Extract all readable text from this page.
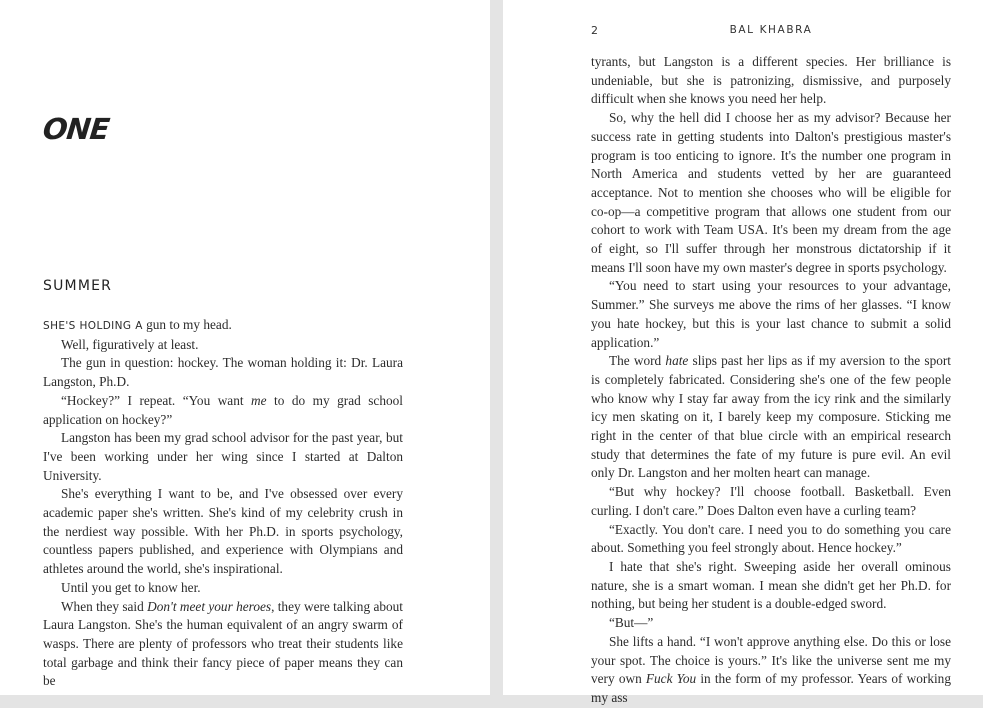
ONE
SUMMER

SHE'S HOLDING A gun to my head.

Well, figuratively at least.

The gun in question: hockey. The woman holding it: Dr. Laura Langston, Ph.D.

“Hockey?” I repeat. “You want me to do my grad school application on hockey?”

Langston has been my grad school advisor for the past year, but I've been working under her wing since I started at Dalton University.

She's everything I want to be, and I've obsessed over every academic paper she's written. She's kind of my celebrity crush in the nerdiest way possible. With her Ph.D. in sports psychology, countless papers published, and experience with Olympians and athletes around the world, she's inspirational.

Until you get to know her.

When they said Don't meet your heroes, they were talking about Laura Langston. She's the human equivalent of an angry swarm of wasps. There are plenty of professors who treat their students like total garbage and think their fancy piece of paper means they can be

2	BAL KHABRA

tyrants, but Langston is a different species. Her brilliance is undeniable, but she is patronizing, dismissive, and purposely difficult when she knows you need her help.

So, why the hell did I choose her as my advisor? Because her success rate in getting students into Dalton's prestigious master's program is too enticing to ignore. It's the number one program in North America and students vetted by her are guaranteed acceptance. Not to mention she chooses who will be eligible for co-op—a competitive program that allows one student from our cohort to work with Team USA. It's been my dream from the age of eight, so I'll suffer through her monstrous dictatorship if it means I'll soon have my own master's degree in sports psychology.

“You need to start using your resources to your advantage, Summer.” She surveys me above the rims of her glasses. “I know you hate hockey, but this is your last chance to submit a solid application.”

The word hate slips past her lips as if my aversion to the sport is completely fabricated. Considering she's one of the few people who know why I stay far away from the icy rink and the similarly icy men skating on it, I barely keep my composure. Sticking me right in the center of that blue circle with an empirical research study that determines the fate of my future is pure evil. An evil only Dr. Langston and her molten heart can manage.

“But why hockey? I'll choose football. Basketball. Even curling. I don't care.” Does Dalton even have a curling team?

“Exactly. You don't care. I need you to do something you care about. Something you feel strongly about. Hence hockey.”

I hate that she's right. Sweeping aside her overall ominous nature, she is a smart woman. I mean she didn't get her Ph.D. for nothing, but being her student is a double-edged sword.

“But—”

She lifts a hand. “I won't approve anything else. Do this or lose your spot. The choice is yours.” It's like the universe sent me my very own Fuck You in the form of my professor. Years of working my ass
